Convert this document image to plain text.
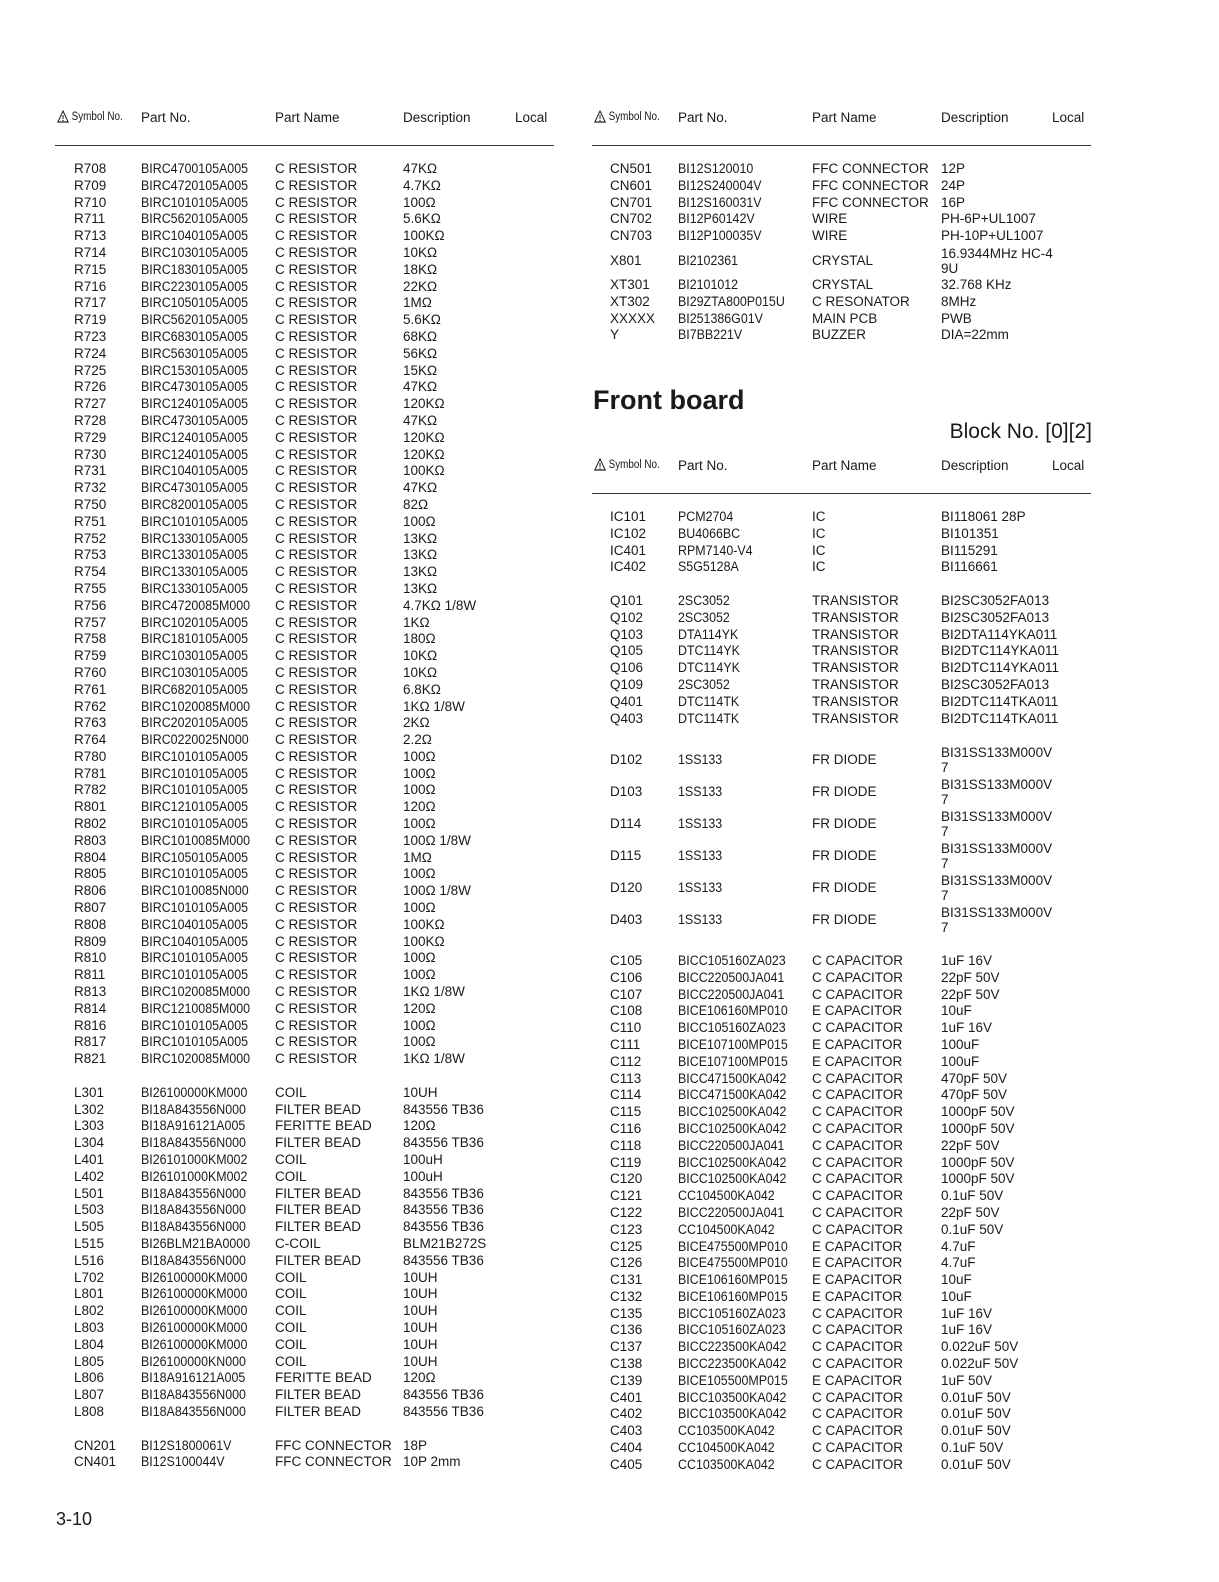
Symbol No. Part No.	Part Name	Description	Local	Symbol No. Part No.	Part Name	Description	Local
R708	BIRC4700105A005 C RESISTOR	47KΩ
R709	BIRC4720105A005 C RESISTOR	4.7KΩ
R710	BIRC1010105A005 C RESISTOR	100Ω
R711	BIRC5620105A005 C RESISTOR	5.6KΩ
R713	BIRC1040105A005 C RESISTOR	100KΩ
R714	BIRC1030105A005 C RESISTOR	10KΩ
R715	BIRC1830105A005 C RESISTOR	18KΩ
R716	BIRC2230105A005 C RESISTOR	22KΩ
R717	BIRC1050105A005 C RESISTOR	1MΩ
R719	BIRC5620105A005 C RESISTOR	5.6KΩ
R723	BIRC6830105A005 C RESISTOR	68KΩ
R724	BIRC5630105A005 C RESISTOR	56KΩ
R725	BIRC1530105A005 C RESISTOR	15KΩ
R726	BIRC4730105A005 C RESISTOR	47KΩ
R727	BIRC1240105A005 C RESISTOR	120KΩ
R728	BIRC4730105A005 C RESISTOR	47KΩ
R729	BIRC1240105A005 C RESISTOR	120KΩ
R730	BIRC1240105A005 C RESISTOR	120KΩ
R731	BIRC1040105A005 C RESISTOR	100KΩ
R732	BIRC4730105A005 C RESISTOR	47KΩ
R750	BIRC8200105A005 C RESISTOR	82Ω
R751	BIRC1010105A005 C RESISTOR	100Ω
R752	BIRC1330105A005 C RESISTOR	13KΩ
R753	BIRC1330105A005 C RESISTOR	13KΩ
R754	BIRC1330105A005 C RESISTOR	13KΩ
R755	BIRC1330105A005 C RESISTOR	13KΩ
R756	BIRC4720085M000 C RESISTOR	4.7KΩ 1/8W
R757	BIRC1020105A005 C RESISTOR	1KΩ
R758	BIRC1810105A005 C RESISTOR	180Ω
R759	BIRC1030105A005 C RESISTOR	10KΩ
R760	BIRC1030105A005 C RESISTOR	10KΩ
R761	BIRC6820105A005 C RESISTOR	6.8KΩ
R762	BIRC1020085M000 C RESISTOR	1KΩ 1/8W
R763	BIRC2020105A005 C RESISTOR	2KΩ
R764	BIRC0220025N000 C RESISTOR	2.2Ω
R780	BIRC1010105A005 C RESISTOR	100Ω
R781	BIRC1010105A005 C RESISTOR	100Ω
R782	BIRC1010105A005 C RESISTOR	100Ω
R801	BIRC1210105A005 C RESISTOR	120Ω
R802	BIRC1010105A005 C RESISTOR	100Ω
R803	BIRC1010085M000 C RESISTOR	100Ω 1/8W
R804	BIRC1050105A005 C RESISTOR	1MΩ
R805	BIRC1010105A005 C RESISTOR	100Ω
R806	BIRC1010085N000 C RESISTOR	100Ω 1/8W
R807	BIRC1010105A005 C RESISTOR	100Ω
R808	BIRC1040105A005 C RESISTOR	100KΩ
R809	BIRC1040105A005 C RESISTOR	100KΩ
R810	BIRC1010105A005 C RESISTOR	100Ω
R811	BIRC1010105A005 C RESISTOR	100Ω
R813	BIRC1020085M000 C RESISTOR	1KΩ 1/8W
R814	BIRC1210085M000 C RESISTOR	120Ω
R816	BIRC1010105A005 C RESISTOR	100Ω
R817	BIRC1010105A005 C RESISTOR	100Ω
R821	BIRC1020085M000 C RESISTOR	1KΩ 1/8W
L301	BI26100000KM000 COIL	10UH
L302	BI18A843556N000 FILTER BEAD	843556 TB36
L303	BI18A916121A005 FERITTE BEAD 120Ω
L304	BI18A843556N000 FILTER BEAD	843556 TB36
L401	BI26101000KM002 COIL	100uH
L402	BI26101000KM002 COIL	100uH
L501	BI18A843556N000 FILTER BEAD	843556 TB36
L503	BI18A843556N000 FILTER BEAD	843556 TB36
L505	BI18A843556N000 FILTER BEAD	843556 TB36
L515	BI26BLM21BA0000 C-COIL	BLM21B272S
L516	BI18A843556N000 FILTER BEAD	843556 TB36
L702	BI26100000KM000 COIL	10UH
L801	BI26100000KM000 COIL	10UH
L802	BI26100000KM000 COIL	10UH
L803	BI26100000KM000 COIL	10UH
L804	BI26100000KM000 COIL	10UH
L805	BI26100000KN000 COIL	10UH
L806	BI18A916121A005 FERITTE BEAD 120Ω
L807	BI18A843556N000 FILTER BEAD	843556 TB36
L808	BI18A843556N000 FILTER BEAD	843556 TB36
CN201 BI12S1800061V	FFC CONNECTOR 18P
CN401 BI12S100044V	FFC CONNECTOR 10P 2mm
CN501 BI12S120010	FFC CONNECTOR 12P
CN601 BI12S240004V	FFC CONNECTOR 24P
CN701 BI12S160031V	FFC CONNECTOR 16P
CN702 BI12P60142V	WIRE	PH-6P+UL1007
CN703 BI12P100035V	WIRE	PH-10P+UL1007
X801	BI2102361	CRYSTAL	16.9344MHz HC-49U
XT301 BI2101012	CRYSTAL	32.768 KHz
XT302 BI29ZTA800P015U C RESONATOR 8MHz
XXXXX BI251386G01V	MAIN PCB	PWB
Y	BI7BB221V	BUZZER	DIA=22mm
Front board
Block No. [0][2]
Symbol No. Part No.	Part Name	Description	Local
IC101 PCM2704	IC	BI118061 28P
IC102 BU4066BC	IC	BI101351
IC401 RPM7140-V4	IC	BI115291
IC402 S5G5128A	IC	BI116661
Q101	2SC3052	TRANSISTOR	BI2SC3052FA013
Q102	2SC3052	TRANSISTOR	BI2SC3052FA013
Q103	DTA114YK	TRANSISTOR	BI2DTA114YKA011
Q105	DTC114YK	TRANSISTOR	BI2DTC114YKA011
Q106	DTC114YK	TRANSISTOR	BI2DTC114YKA011
Q109	2SC3052	TRANSISTOR	BI2SC3052FA013
Q401	DTC114TK	TRANSISTOR	BI2DTC114TKA011
Q403	DTC114TK	TRANSISTOR	BI2DTC114TKA011
D102	1SS133	FR DIODE	BI31SS133M000V7
D103	1SS133	FR DIODE	BI31SS133M000V7
D114	1SS133	FR DIODE	BI31SS133M000V7
D115	1SS133	FR DIODE	BI31SS133M000V7
D120	1SS133	FR DIODE	BI31SS133M000V7
D403	1SS133	FR DIODE	BI31SS133M000V7
C105	BICC105160ZA023 C CAPACITOR	1uF 16V
C106	BICC220500JA041 C CAPACITOR	22pF 50V
C107	BICC220500JA041 C CAPACITOR	22pF 50V
C108	BICE106160MP010 E CAPACITOR	10uF
C110	BICC105160ZA023 C CAPACITOR	1uF 16V
C111	BICE107100MP015 E CAPACITOR	100uF
C112	BICE107100MP015 E CAPACITOR	100uF
C113	BICC471500KA042 C CAPACITOR	470pF 50V
C114	BICC471500KA042 C CAPACITOR	470pF 50V
C115	BICC102500KA042 C CAPACITOR	1000pF 50V
C116	BICC102500KA042 C CAPACITOR	1000pF 50V
C118	BICC220500JA041 C CAPACITOR	22pF 50V
C119	BICC102500KA042 C CAPACITOR	1000pF 50V
C120	BICC102500KA042 C CAPACITOR	1000pF 50V
C121	CC104500KA042	C CAPACITOR	0.1uF 50V
C122	BICC220500JA041 C CAPACITOR	22pF 50V
C123	CC104500KA042	C CAPACITOR	0.1uF 50V
C125	BICE475500MP010 E CAPACITOR	4.7uF
C126	BICE475500MP010 E CAPACITOR	4.7uF
C131	BICE106160MP015 E CAPACITOR	10uF
C132	BICE106160MP015 E CAPACITOR	10uF
C135	BICC105160ZA023 C CAPACITOR	1uF 16V
C136	BICC105160ZA023 C CAPACITOR	1uF 16V
C137	BICC223500KA042 C CAPACITOR	0.022uF 50V
C138	BICC223500KA042 C CAPACITOR	0.022uF 50V
C139	BICE105500MP015 E CAPACITOR	1uF 50V
C401	BICC103500KA042 C CAPACITOR	0.01uF 50V
C402	BICC103500KA042 C CAPACITOR	0.01uF 50V
C403	CC103500KA042	C CAPACITOR	0.01uF 50V
C404	CC104500KA042	C CAPACITOR	0.1uF 50V
C405	CC103500KA042	C CAPACITOR	0.01uF 50V
3-10
